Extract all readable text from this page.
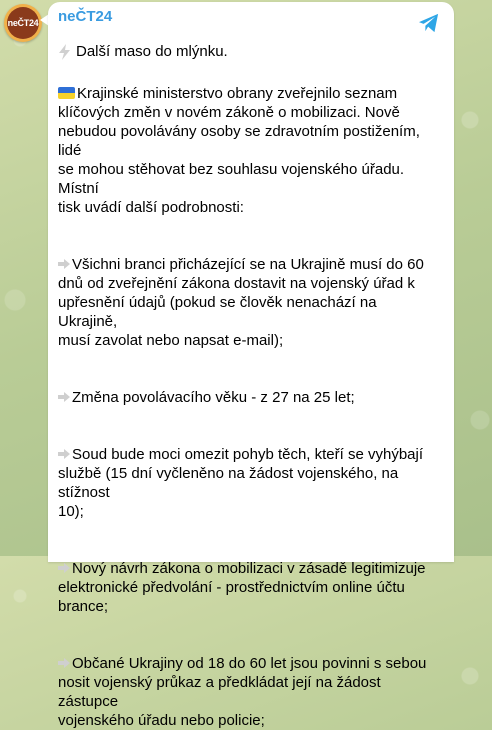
neČT24 neČT24
Další maso do mlýnku.

Krajinské ministerstvo obrany zveřejnilo seznam
klíčových změn v novém zákoně o mobilizaci. Nově
nebudou povolávány osoby se zdravotním postižením, lidé
se mohou stěhovat bez souhlasu vojenského úřadu. Místní
tisk uvádí další podrobnosti:

Všichni branci přicházející se na Ukrajině musí do 60
dnů od zveřejnění zákona dostavit na vojenský úřad k
upřesnění údajů (pokud se člověk nenachází na Ukrajině,
musí zavolat nebo napsat e-mail);

Změna povolávacího věku - z 27 na 25 let;

Soud bude moci omezit pohyb těch, kteří se vyhýbají
službě (15 dní vyčleněno na žádost vojenského, na stížnost
10);

Nový návrh zákona o mobilizaci v zásadě legitimizuje
elektronické předvolání - prostřednictvím online účtu
brance;

Občané Ukrajiny od 18 do 60 let jsou povinni s sebou
nosit vojenský průkaz a předkládat její na žádost zástupce
vojenského úřadu nebo policie;
